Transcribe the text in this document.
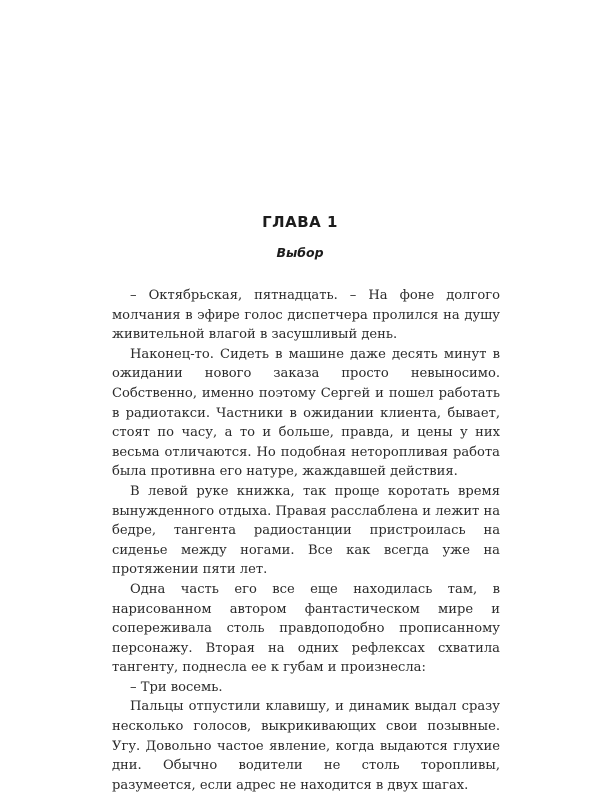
ГЛАВА 1
Выбор

– Октябрьская, пятнадцать. – На фоне долгого молчания в эфире голос диспетчера пролился на душу живительной влагой в засушливый день.

Наконец-то. Сидеть в машине даже десять минут в ожидании нового заказа просто невыносимо. Собственно, именно поэтому Сергей и пошел работать в радиотакси. Частники в ожидании клиента, бывает, стоят по часу, а то и больше, правда, и цены у них весьма отличаются. Но подобная неторопливая работа была противна его натуре, жаждавшей действия.

В левой руке книжка, так проще коротать время вынужденного отдыха. Правая расслаблена и лежит на бедре, тангента радиостанции пристроилась на сиденье между ногами. Все как всегда уже на протяжении пяти лет.

Одна часть его все еще находилась там, в нарисованном автором фантастическом мире и сопереживала столь правдоподобно прописанному персонажу. Вторая на одних рефлексах схватила тангенту, поднесла ее к губам и произнесла:

– Три восемь.

Пальцы отпустили клавишу, и динамик выдал сразу несколько голосов, выкрикивающих свои позывные. Угу. Довольно частое явление, когда выдаются глухие дни. Обычно водители не столь торопливы, разумеется, если адрес не находится в двух шагах.
